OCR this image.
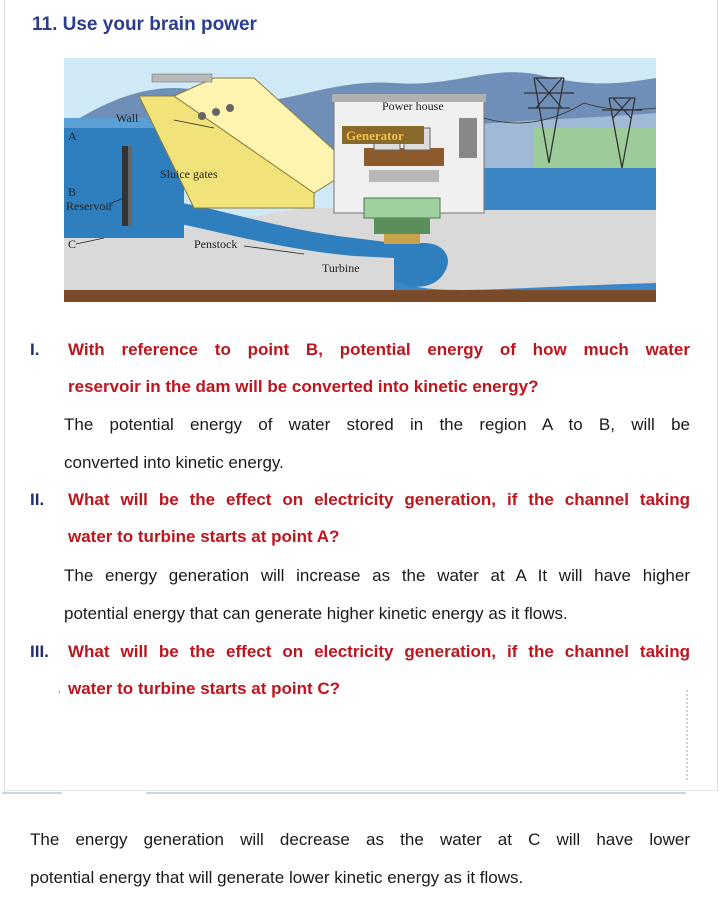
11. Use your brain power
Wall
Power house
A
B
Reservoir
Sluice gates
C	Penstock
Turbine
Generator
I. With reference to point B, potential energy of how much water
reservoir in the dam will be converted into kinetic energy?
The potential energy of water stored in the region A to B, will be
converted into kinetic energy.
II. What will be the effect on electricity generation, if the channel taking
water to turbine starts at point A?
The energy generation will increase as the water at A It will have higher
potential energy that can generate higher kinetic energy as it flows.
III. What will be the effect on electricity generation, if the channel taking
water to turbine starts at point C?
‘
The energy generation will decrease as the water at C will have lower
potential energy that will generate lower kinetic energy as it flows.
